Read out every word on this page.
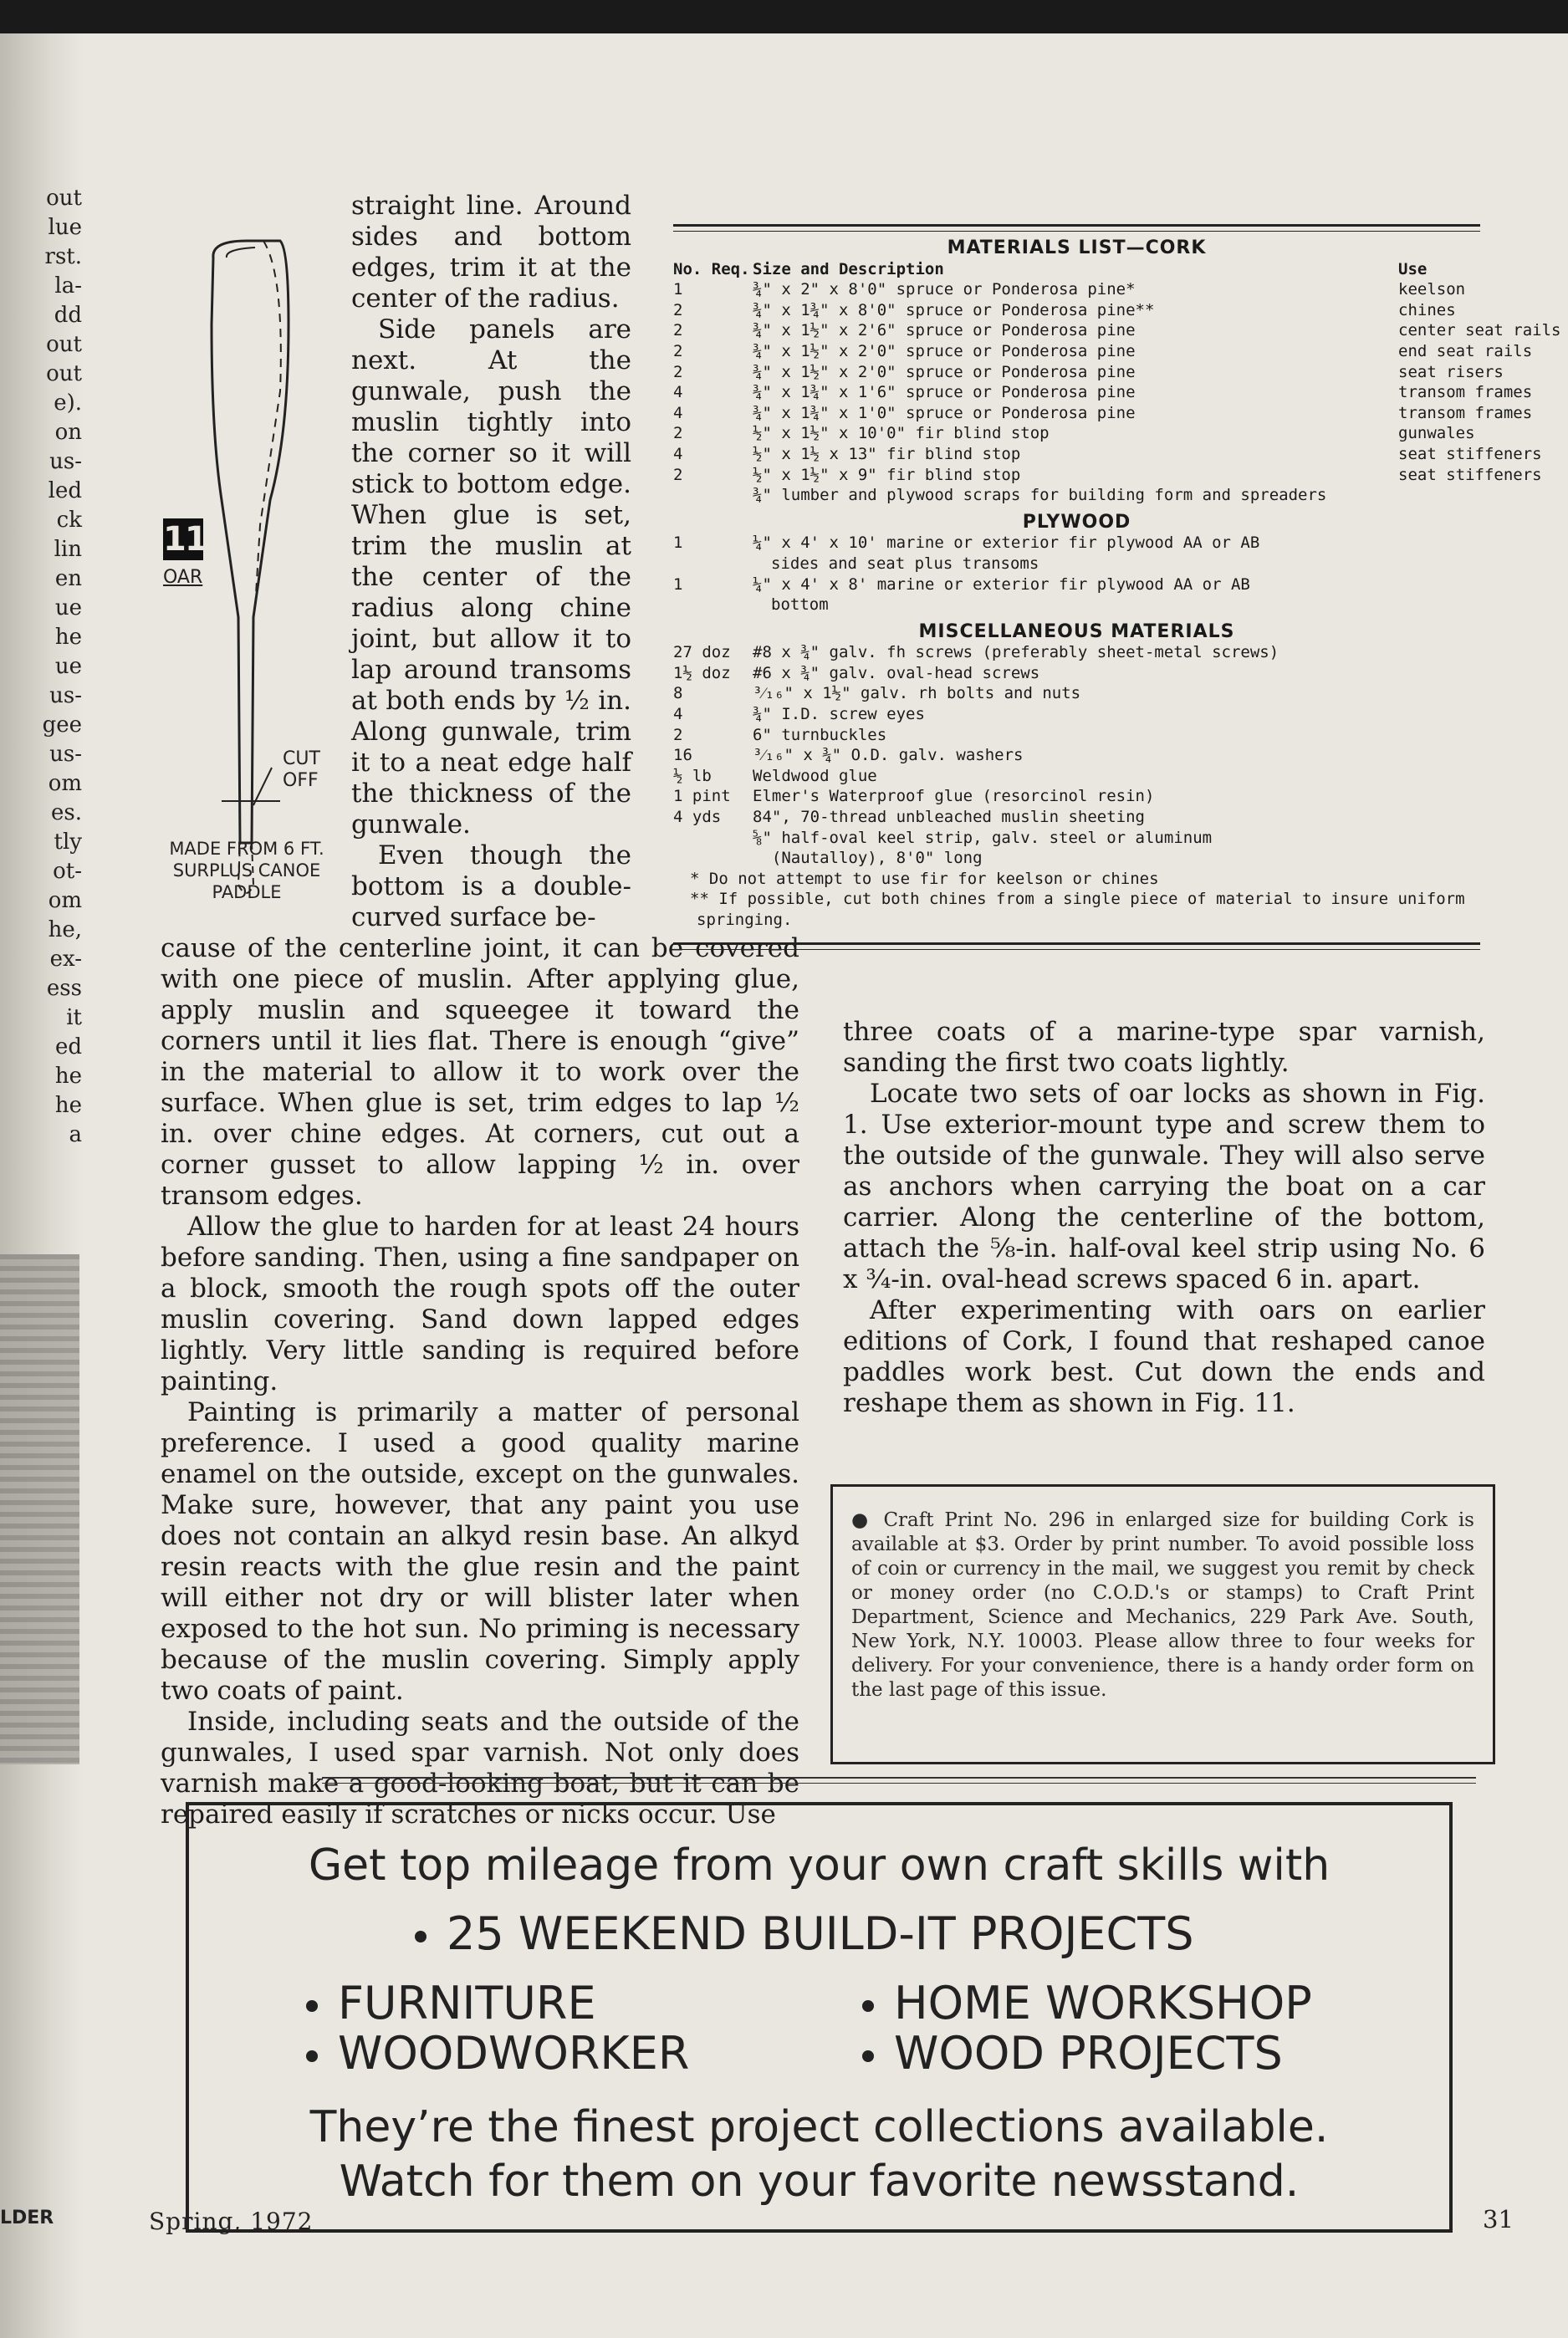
out
lue
rst.
la-
dd
out
out
e).
on
us-
led
ck
lin
en
ue
he
ue
us-
gee
us-
om
es.
tly
ot-
om
he,
ex-
ess
it
ed
he
he
a
LDER
11
OAR
CUT
OFF
MADE FROM 6 FT. SURPLUS CANOE PADDLE

straight line. Around sides and bottom edges, trim it at the center of the radius.

Side panels are next. At the gunwale, push the muslin tightly into the corner so it will stick to bottom edge. When glue is set, trim the muslin at the center of the radius along chine joint, but allow it to lap around transoms at both ends by ½ in. Along gunwale, trim it to a neat edge half the thickness of the gunwale.

Even though the bottom is a double-curved surface be-

cause of the centerline joint, it can be covered with one piece of muslin. After applying glue, apply muslin and squeegee it toward the corners until it lies flat. There is enough “give” in the material to allow it to work over the surface. When glue is set, trim edges to lap ½ in. over chine edges. At corners, cut out a corner gusset to allow lapping ½ in. over transom edges.

Allow the glue to harden for at least 24 hours before sanding. Then, using a fine sandpaper on a block, smooth the rough spots off the outer muslin covering. Sand down lapped edges lightly. Very little sanding is required before painting.

Painting is primarily a matter of personal preference. I used a good quality marine enamel on the outside, except on the gunwales. Make sure, however, that any paint you use does not contain an alkyd resin base. An alkyd resin reacts with the glue resin and the paint will either not dry or will blister later when exposed to the hot sun. No priming is necessary because of the muslin covering. Simply apply two coats of paint.

Inside, including seats and the outside of the gunwales, I used spar varnish. Not only does varnish make a good-looking boat, but it can be repaired easily if scratches or nicks occur. Use

MATERIALS LIST—CORK
No. Req. Size and Description	Use
1	¾" x 2" x 8'0" spruce or Ponderosa pine*	keelson
2	¾" x 1¾" x 8'0" spruce or Ponderosa pine**	chines
2	¾" x 1½" x 2'6" spruce or Ponderosa pine	center seat rails
2	¾" x 1½" x 2'0" spruce or Ponderosa pine	end seat rails
2	¾" x 1½" x 2'0" spruce or Ponderosa pine	seat risers
4	¾" x 1¾" x 1'6" spruce or Ponderosa pine	transom frames
4	¾" x 1¾" x 1'0" spruce or Ponderosa pine	transom frames
2	½" x 1½" x 10'0" fir blind stop	gunwales
4	½" x 1½ x 13" fir blind stop	seat stiffeners
2	½" x 1½" x 9" fir blind stop	seat stiffeners
¾" lumber and plywood scraps for building form and spreaders
PLYWOOD
1	¼" x 4' x 10' marine or exterior fir plywood AA or AB
sides and seat plus transoms
1	¼" x 4' x 8' marine or exterior fir plywood AA or AB
bottom
MISCELLANEOUS MATERIALS
27 doz	#8 x ¾" galv. fh screws (preferably sheet-metal screws)
1½ doz	#6 x ¾" galv. oval-head screws
8	³⁄₁₆" x 1½" galv. rh bolts and nuts
4	¾" I.D. screw eyes
2	6" turnbuckles
16	³⁄₁₆" x ¾" O.D. galv. washers
½ lb	Weldwood glue
1 pint	Elmer's Waterproof glue (resorcinol resin)
4 yds	84", 70-thread unbleached muslin sheeting
⅝" half-oval keel strip, galv. steel or aluminum
(Nautalloy), 8'0" long
* Do not attempt to use fir for keelson or chines
** If possible, cut both chines from a single piece of material to insure uniform
springing.

three coats of a marine-type spar varnish, sanding the first two coats lightly.

Locate two sets of oar locks as shown in Fig. 1. Use exterior-mount type and screw them to the outside of the gunwale. They will also serve as anchors when carrying the boat on a car carrier. Along the centerline of the bottom, attach the ⅝-in. half-oval keel strip using No. 6 x ¾-in. oval-head screws spaced 6 in. apart.

After experimenting with oars on earlier editions of Cork, I found that reshaped canoe paddles work best. Cut down the ends and reshape them as shown in Fig. 11.

● Craft Print No. 296 in enlarged size for building Cork is available at $3. Order by print number. To avoid possible loss of coin or currency in the mail, we suggest you remit by check or money order (no C.O.D.'s or stamps) to Craft Print Department, Science and Mechanics, 229 Park Ave. South, New York, N.Y. 10003. Please allow three to four weeks for delivery. For your convenience, there is a handy order form on the last page of this issue.
Get top mileage from your own craft skills with
25 WEEKEND BUILD-IT PROJECTS
FURNITURE	HOME WORKSHOP
WOODWORKER	WOOD PROJECTS
They’re the finest project collections available.
Watch for them on your favorite newsstand.
Spring, 1972	31
